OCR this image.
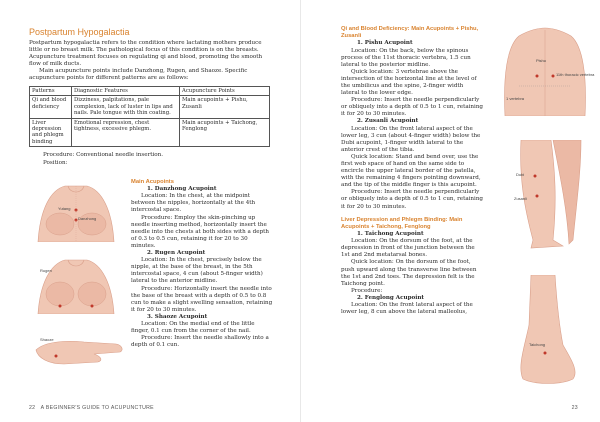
Postpartum Hypogalactia
Postpartum hypogalactia refers to the condition where lactating mothers produce little or no breast milk. The pathological focus of this condition is on the breasts. Acupuncture treatment focuses on regulating qi and blood, promoting the smooth flow of milk ducts.
Main acupuncture points include Danzhong, Rugen, and Shaoze. Specific acupuncture points for different patterns are as follows:
Patterns	Diagnostic Features	Acupuncture Points
Qi and blood deficiency	Dizziness, palpitations, pale complexion, lack of luster in lips and nails. Pale tongue with thin coating.	Main acupoints + Pishu, Zusanli
Liver depression and phlegm binding	Emotional repression, chest tightness, excessive phlegm.	Main acupoints + Taichong, Fenglong
Procedure: Conventional needle insertion.
Position:
Yutang
Danzhong
Rugen
Shaoze
Main Acupoints
1. Danzhong Acupoint
Location: In the chest, at the midpoint between the nipples, horizontally at the 4th intercostal space.
Procedure: Employ the skin-pinching up needle inserting method, horizontally insert the needle into the chests at both sides with a depth of 0.3 to 0.5 cun, retaining it for 20 to 30 minutes.
2. Rugen Acupoint
Location: In the chest, precisely below the nipple, at the base of the breast, in the 5th intercostal space, 4 cun (about 5-finger width) lateral to the anterior midline.
Procedure: Horizontally insert the needle into the base of the breast with a depth of 0.5 to 0.8 cun to make a slight swelling sensation, retaining it for 20 to 30 minutes.
3. Shaoze Acupoint
Location: On the medial end of the little finger, 0.1 cun from the corner of the nail.
Procedure: Insert the needle shallowly into a depth of 0.1 cun.
22 A BEGINNER'S GUIDE TO ACUPUNCTURE
Qi and Blood Deficiency: Main Acupoints + Pishu, Zusanli
1. Pishu Acupoint
Location: On the back, below the spinous process of the 11st thoracic vertebra, 1.5 cun lateral to the posterior midline.
Quick location: 3 vertebrae above the intersection of the horizontal line at the level of the umbilicus and the spine, 2-finger width lateral to the lower edge.
Procedure: Insert the needle perpendicularly or obliquely into a depth of 0.5 to 1 cun, retaining it for 20 to 30 minutes.
2. Zusanli Acupoint
Location: On the front lateral aspect of the lower leg, 3 cun (about 4-finger width) below the Dubi acupoint, 1-finger width lateral to the anterior crest of the tibia.
Quick location: Stand and bend over, use the first web space of hand on the same side to encircle the upper lateral border of the patella, with the remaining 4 fingers pointing downward, and the tip of the middle finger is this acupoint.
Procedure: Insert the needle perpendicularly or obliquely into a depth of 0.5 to 1 cun, retaining it for 20 to 30 minutes.
Liver Depression and Phlegm Binding: Main Acupoints + Taichong, Fenglong
1. Taichong Acupoint
Location: On the dorsum of the foot, at the depression in front of the junction between the 1st and 2nd metatarsal bones.
Quick location: On the dorsum of the foot, push upward along the transverse line between the 1st and 2nd toes. The depression felt is the Taichong point.
Procedure:
2. Fenglong Acupoint
Location: On the front lateral aspect of the lower leg, 8 cun above the lateral malleolus,
Pishu
11th thoracic vertebra
1 vertebra
Dubi
Zusanli
Taichong
23
